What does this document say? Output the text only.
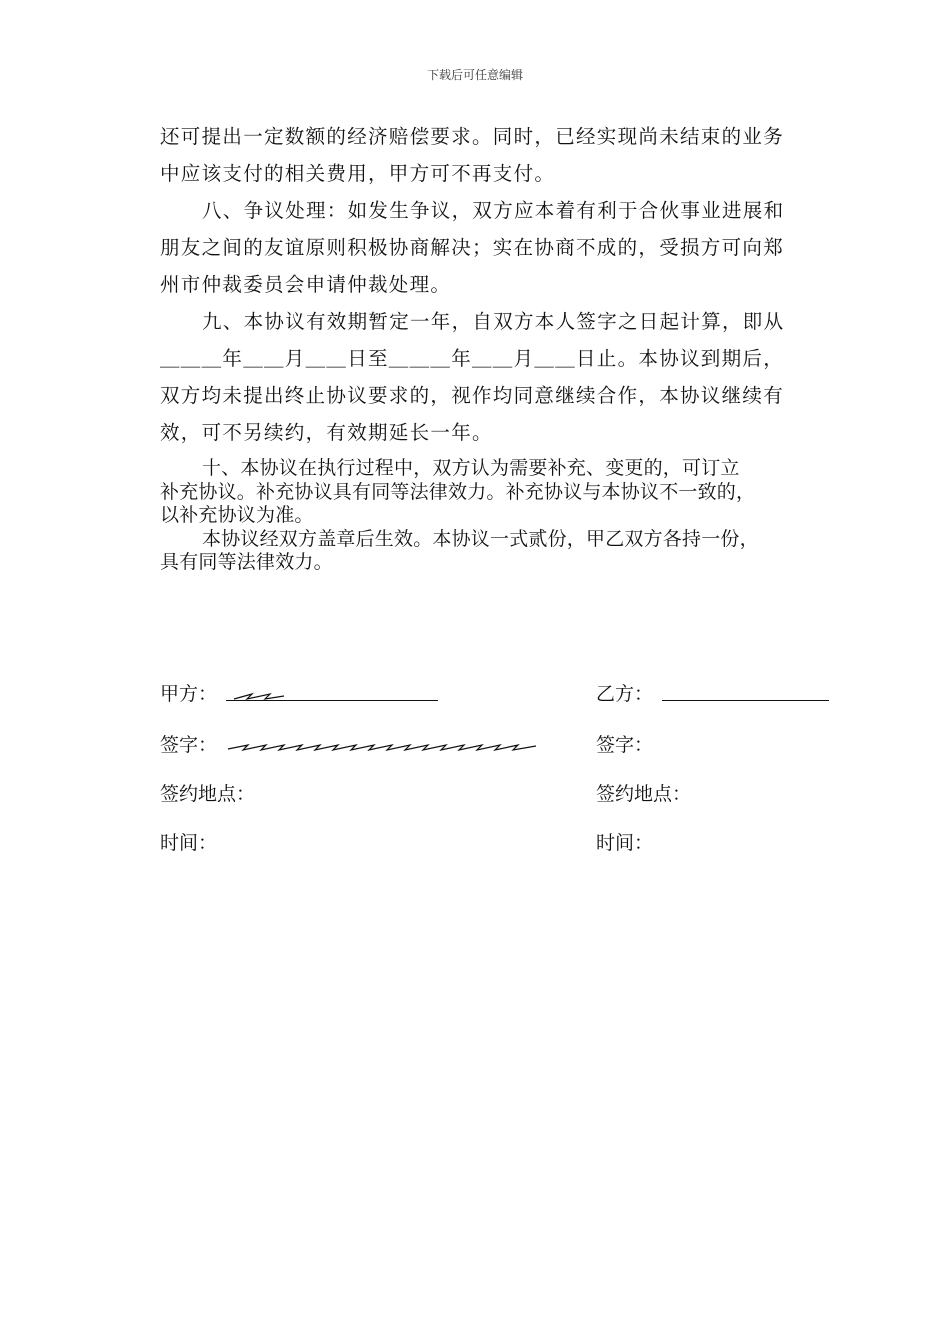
下载后可任意编辑

还可提出一定数额的经济赔偿要求。同时，已经实现尚未结束的业务

中应该支付的相关费用，甲方可不再支付。

八、争议处理：如发生争议，双方应本着有利于合伙事业进展和

朋友之间的友谊原则积极协商解决；实在协商不成的，受损方可向郑

州市仲裁委员会申请仲裁处理。

九、本协议有效期暂定一年，自双方本人签字之日起计算，即从

＿＿＿年＿＿月＿＿日至＿＿＿年＿＿月＿＿日止。本协议到期后，

双方均未提出终止协议要求的，视作均同意继续合作，本协议继续有

效，可不另续约，有效期延长一年。

十、本协议在执行过程中，双方认为需要补充、变更的，可订立

补充协议。补充协议具有同等法律效力。补充协议与本协议不一致的，

以补充协议为准。

本协议经双方盖章后生效。本协议一式贰份，甲乙双方各持一份，

具有同等法律效力。

甲方：
签字：
签约地点：
时间：
乙方：
签字：
签约地点：
时间：
